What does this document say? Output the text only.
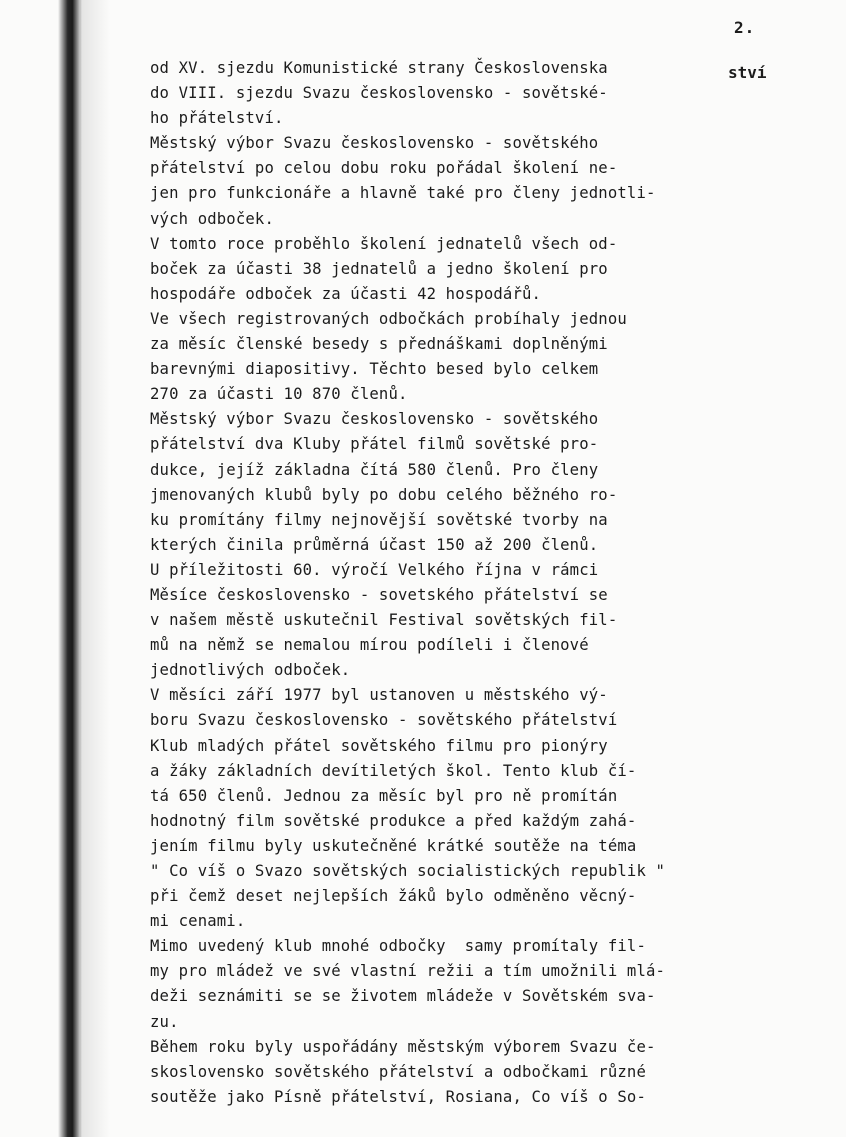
2.
ství
od XV. sjezdu Komunistické strany Československa
do VIII. sjezdu Svazu československo - sovětské-
ho přátelství.
Městský výbor Svazu československo - sovětského
přátelství po celou dobu roku pořádal školení ne-
jen pro funkcionáře a hlavně také pro členy jednotli-
vých odboček.
V tomto roce proběhlo školení jednatelů všech od-
boček za účasti 38 jednatelů a jedno školení pro
hospodáře odboček za účasti 42 hospodářů.
Ve všech registrovaných odbočkách probíhaly jednou
za měsíc členské besedy s přednáškami doplněnými
barevnými diapositivy. Těchto besed bylo celkem
270 za účasti 10 870 členů.
Městský výbor Svazu československo - sovětského
přátelství dva Kluby přátel filmů sovětské pro-
dukce, jejíž základna čítá 580 členů. Pro členy
jmenovaných klubů byly po dobu celého běžného ro-
ku promítány filmy nejnovější sovětské tvorby na
kterých činila průměrná účast 150 až 200 členů.
U příležitosti 60. výročí Velkého října v rámci
Měsíce československo - sovetského přátelství se
v našem městě uskutečnil Festival sovětských fil-
mů na němž se nemalou mírou podíleli i členové
jednotlivých odboček.
V měsíci září 1977 byl ustanoven u městského vý-
boru Svazu československo - sovětského přátelství
Klub mladých přátel sovětského filmu pro pionýry
a žáky základních devítiletých škol. Tento klub čí-
tá 650 členů. Jednou za měsíc byl pro ně promítán
hodnotný film sovětské produkce a před každým zahá-
jením filmu byly uskutečněné krátké soutěže na téma
" Co víš o Svazo sovětských socialistických republik "
při čemž deset nejlepších žáků bylo odměněno věcný-
mi cenami.
Mimo uvedený klub mnohé odbočky  samy promítaly fil-
my pro mládež ve své vlastní režii a tím umožnili mlá-
deži seznámiti se se životem mládeže v Sovětském sva-
zu.
Během roku byly uspořádány městským výborem Svazu če-
skoslovensko sovětského přátelství a odbočkami různé
soutěže jako Písně přátelství, Rosiana, Co víš o So-
